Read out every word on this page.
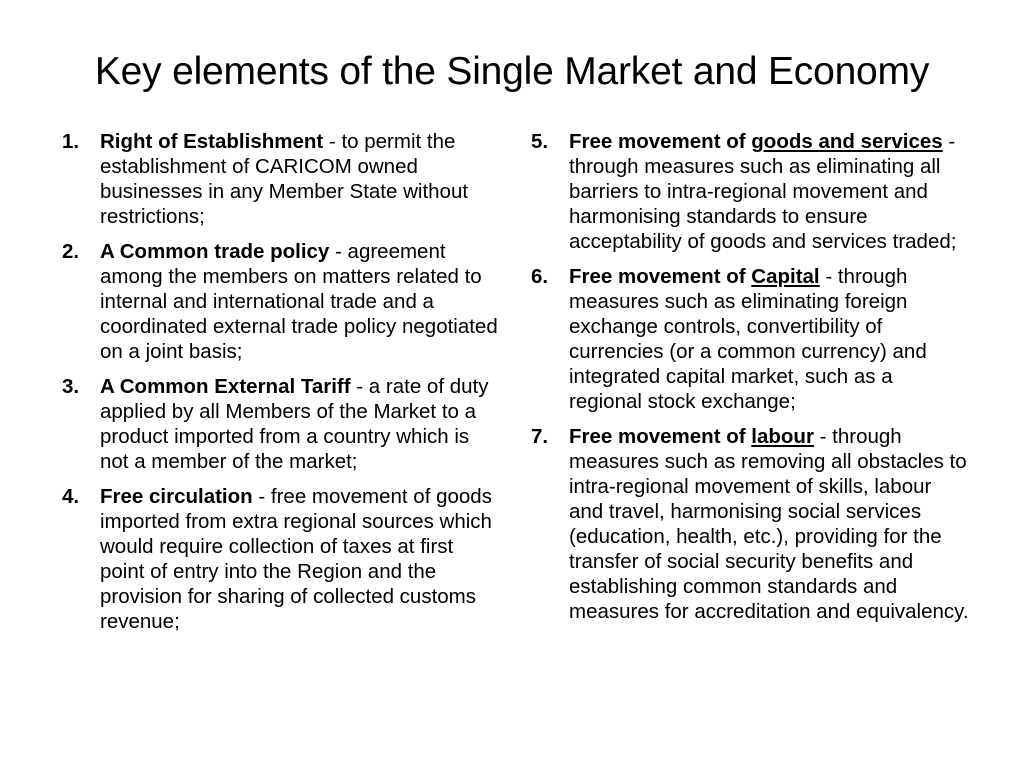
Key elements of the Single Market and Economy
1.	Right of Establishment - to permit the establishment of CARICOM owned businesses in any Member State without restrictions;
2.	A Common trade policy - agreement among the members on matters related to internal and international trade and a coordinated external trade policy negotiated on a joint basis;
3.	A Common External Tariff - a rate of duty applied by all Members of the Market to a product imported from a country which is not a member of the market;
4.	Free circulation - free movement of goods imported from extra regional sources which would require collection of taxes at first point of entry into the Region and the provision for sharing of collected customs revenue;
5.	Free movement of goods and services - through measures such as eliminating all barriers to intra-regional movement and harmonising standards to ensure acceptability of goods and services traded;
6.	Free movement of Capital - through measures such as eliminating foreign exchange controls, convertibility of currencies (or a common currency) and integrated capital market, such as a regional stock exchange;
7.	Free movement of labour - through measures such as removing all obstacles to intra-regional movement of skills, labour and travel, harmonising social services (education, health, etc.), providing for the transfer of social security benefits and establishing common standards and measures for accreditation and equivalency.
